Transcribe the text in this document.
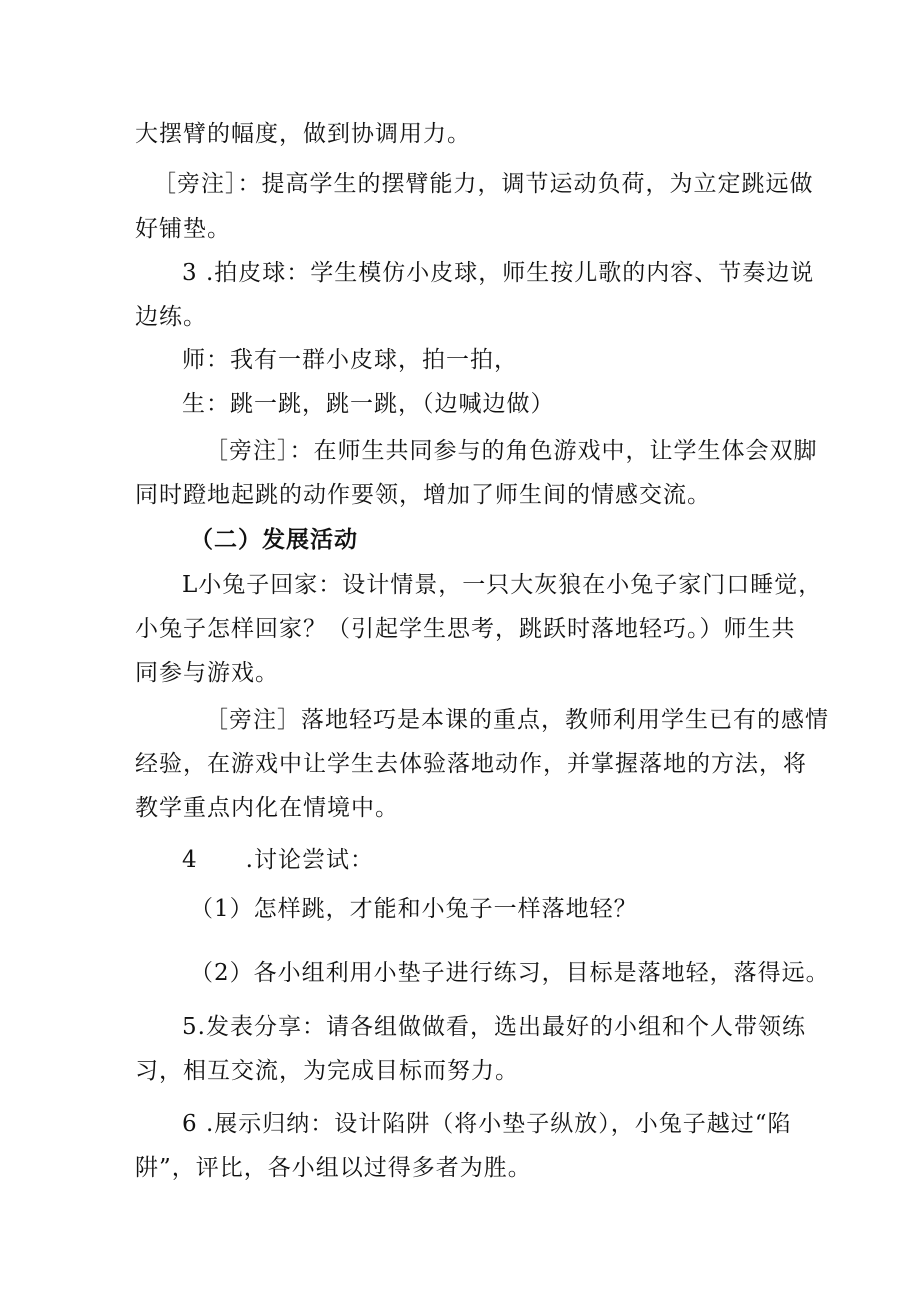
大摆臂的幅度，做到协调用力。
［旁注］：提高学生的摆臂能力，调节运动负荷，为立定跳远做
好铺垫。
3 .拍皮球：学生模仿小皮球，师生按儿歌的内容、节奏边说
边练。
师：我有一群小皮球，拍一拍，
生：跳一跳，跳一跳，（边喊边做）
［旁注］：在师生共同参与的角色游戏中，让学生体会双脚
同时蹬地起跳的动作要领，增加了师生间的情感交流。
（二）发展活动
L小兔子回家：设计情景，一只大灰狼在小兔子家门口睡觉，
小兔子怎样回家？（引起学生思考，跳跃时落地轻巧。）师生共
同参与游戏。
［旁注］落地轻巧是本课的重点，教师利用学生已有的感情
经验，在游戏中让学生去体验落地动作，并掌握落地的方法，将
教学重点内化在情境中。
4　　.讨论尝试：
（1）怎样跳，才能和小兔子一样落地轻？
（2）各小组利用小垫子进行练习，目标是落地轻，落得远。
5.发表分享：请各组做做看，选出最好的小组和个人带领练
习，相互交流，为完成目标而努力。
6 .展示归纳：设计陷阱（将小垫子纵放），小兔子越过“陷
阱”，评比，各小组以过得多者为胜。
